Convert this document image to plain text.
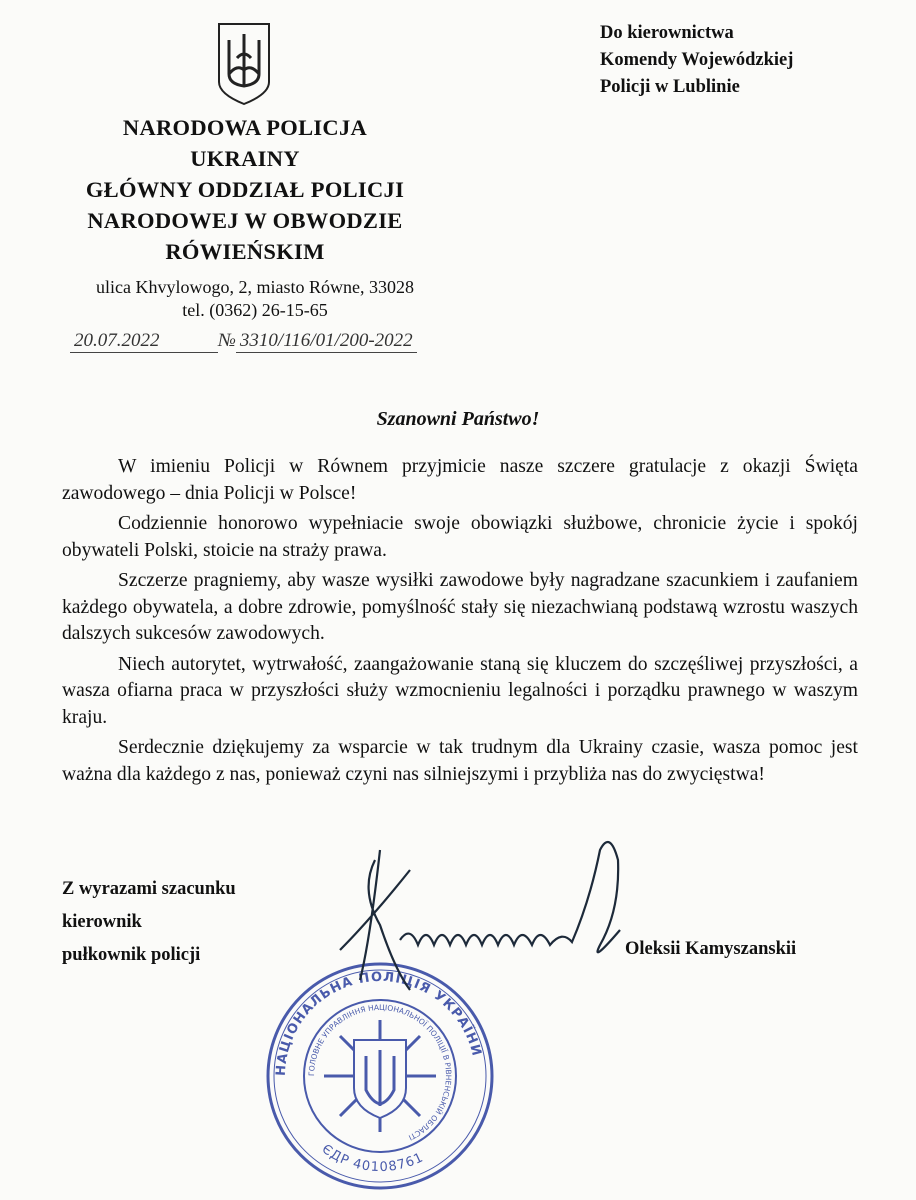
NARODOWA POLICJA
UKRAINY
GŁÓWNY ODDZIAŁ POLICJI
NARODOWEJ W OBWODZIE
RÓWIEŃSKIM
ulica Khvylowogo, 2, miasto Równe, 33028
tel. (0362) 26-15-65
20.07.2022	№ 3310/116/01/200-2022
Do kierownictwa
Komendy Wojewódzkiej
Policji w Lublinie
Szanowni Państwo!

W imieniu Policji w Równem przyjmicie nasze szczere gratulacje z okazji Święta zawodowego – dnia Policji w Polsce!

Codziennie honorowo wypełniacie swoje obowiązki służbowe, chronicie życie i spokój obywateli Polski, stoicie na straży prawa.

Szczerze pragniemy, aby wasze wysiłki zawodowe były nagradzane szacunkiem i zaufaniem każdego obywatela, a dobre zdrowie, pomyślność stały się niezachwianą podstawą wzrostu waszych dalszych sukcesów zawodowych.

Niech autorytet, wytrwałość, zaangażowanie staną się kluczem do szczęśliwej przyszłości, a wasza ofiarna praca w przyszłości służy wzmocnieniu legalności i porządku prawnego w waszym kraju.

Serdecznie dziękujemy za wsparcie w tak trudnym dla Ukrainy czasie, wasza pomoc jest ważna dla każdego z nas, ponieważ czyni nas silniejszymi i przybliża nas do zwycięstwa!

Z wyrazami szacunku
kierownik
pułkownik policji	Oleksii Kamyszanskii
НАЦІОНАЛЬНА ПОЛІЦІЯ УКРАЇНИ
ГОЛОВНЕ УПРАВЛІННЯ НАЦІОНАЛЬНОЇ ПОЛІЦІЇ В РІВНЕНСЬКІЙ ОБЛАСТІ
ЄДР 40108761
